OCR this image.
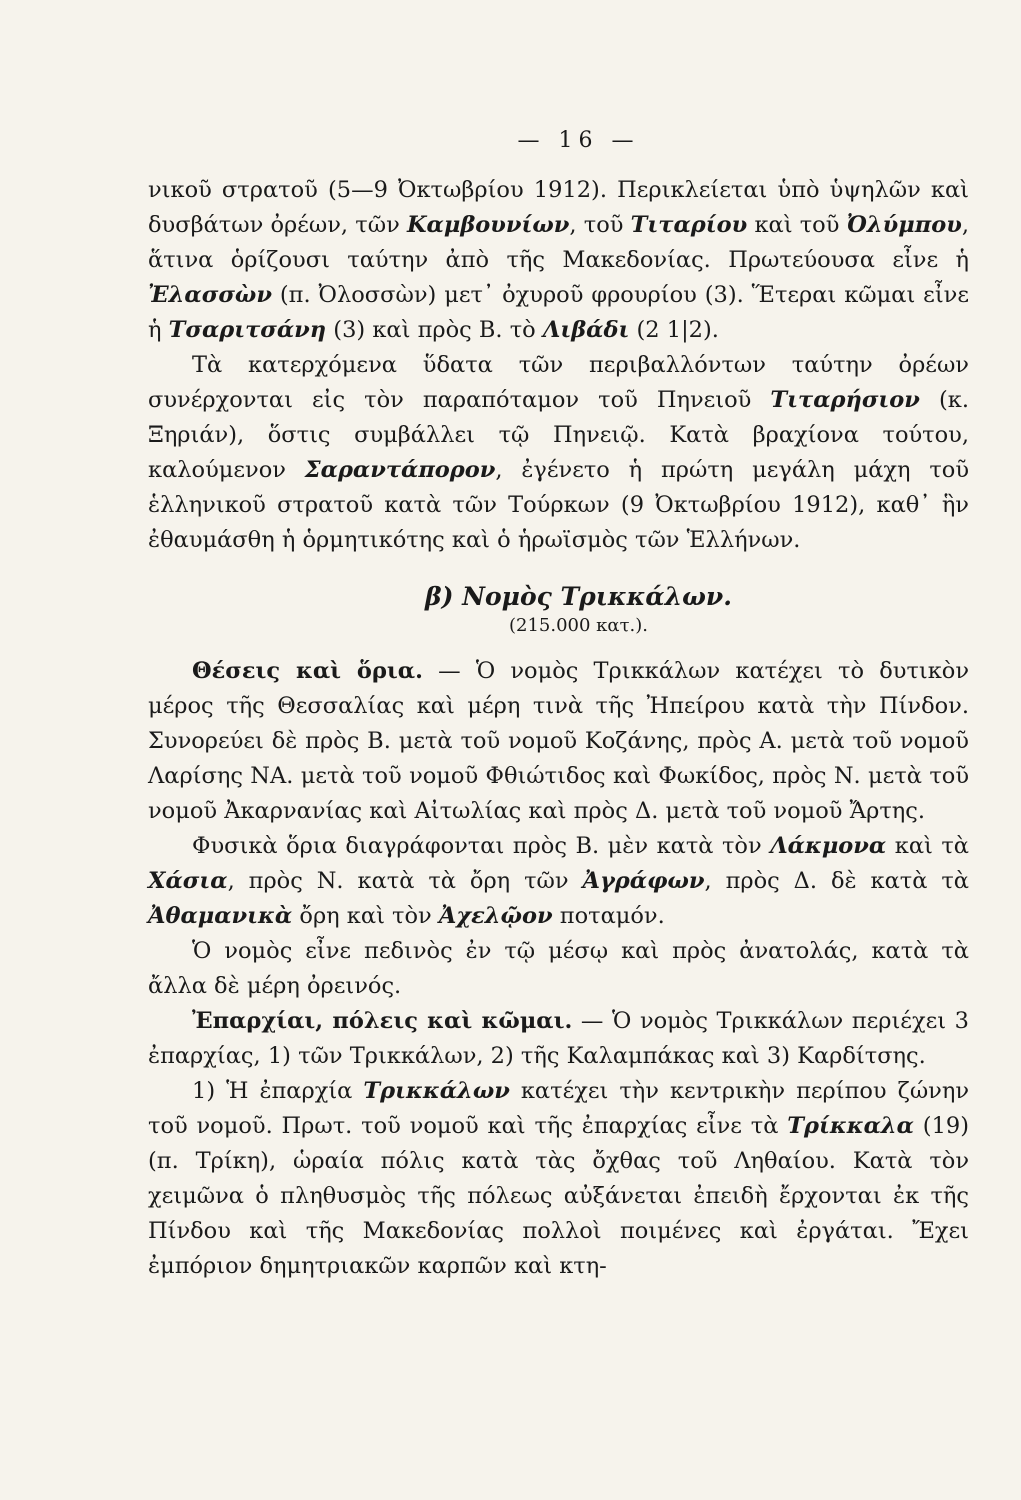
— 16 —

νικοῦ στρατοῦ (5—9 Ὀκτωβρίου 1912). Περικλείεται ὑπὸ ὑψηλῶν καὶ δυσβάτων ὀρέων, τῶν Καμβουνίων, τοῦ Τιταρίου καὶ τοῦ Ὀλύμπου, ἅτινα ὁρίζουσι ταύτην ἀπὸ τῆς Μακεδονίας. Πρωτεύουσα εἶνε ἡ Ἐλασσὼν (π. Ὀλοσσὼν) μετ᾽ ὀχυροῦ φρουρίου (3). Ἕτεραι κῶμαι εἶνε ἡ Τσαριτσάνη (3) καὶ πρὸς Β. τὸ Λιβάδι (2 1|2).

Τὰ κατερχόμενα ὕδατα τῶν περιβαλλόντων ταύτην ὀρέων συνέρχονται εἰς τὸν παραπόταμον τοῦ Πηνειοῦ Τιταρήσιον (κ. Ξηριάν), ὅστις συμβάλλει τῷ Πηνειῷ. Κατὰ βραχίονα τούτου, καλούμενον Σαραντάπορον, ἐγένετο ἡ πρώτη μεγάλη μάχη τοῦ ἑλληνικοῦ στρατοῦ κατὰ τῶν Τούρκων (9 Ὀκτωβρίου 1912), καθ᾽ ἣν ἐθαυμάσθη ἡ ὁρμητικότης καὶ ὁ ἡρωϊσμὸς τῶν Ἑλλήνων.

β) Νομὸς Τρικκάλων.
(215.000 κατ.).

Θέσεις καὶ ὅρια. — Ὁ νομὸς Τρικκάλων κατέχει τὸ δυτικὸν μέρος τῆς Θεσσαλίας καὶ μέρη τινὰ τῆς Ἠπείρου κατὰ τὴν Πίνδον. Συνορεύει δὲ πρὸς Β. μετὰ τοῦ νομοῦ Κοζάνης, πρὸς Α. μετὰ τοῦ νομοῦ Λαρίσης ΝΑ. μετὰ τοῦ νομοῦ Φθιώτιδος καὶ Φωκίδος, πρὸς Ν. μετὰ τοῦ νομοῦ Ἀκαρνανίας καὶ Αἰτωλίας καὶ πρὸς Δ. μετὰ τοῦ νομοῦ Ἄρτης.

Φυσικὰ ὅρια διαγράφονται πρὸς Β. μὲν κατὰ τὸν Λάκμονα καὶ τὰ Χάσια, πρὸς Ν. κατὰ τὰ ὄρη τῶν Ἀγράφων, πρὸς Δ. δὲ κατὰ τὰ Ἀθαμανικὰ ὄρη καὶ τὸν Ἀχελῷον ποταμόν.

Ὁ νομὸς εἶνε πεδινὸς ἐν τῷ μέσῳ καὶ πρὸς ἀνατολάς, κατὰ τὰ ἄλλα δὲ μέρη ὀρεινός.

Ἐπαρχίαι, πόλεις καὶ κῶμαι. — Ὁ νομὸς Τρικκάλων περιέχει 3 ἐπαρχίας, 1) τῶν Τρικκάλων, 2) τῆς Καλαμπάκας καὶ 3) Καρδίτσης.

1) Ἡ ἐπαρχία Τρικκάλων κατέχει τὴν κεντρικὴν περίπου ζώνην τοῦ νομοῦ. Πρωτ. τοῦ νομοῦ καὶ τῆς ἐπαρχίας εἶνε τὰ Τρίκκαλα (19) (π. Τρίκη), ὡραία πόλις κατὰ τὰς ὄχθας τοῦ Ληθαίου. Κατὰ τὸν χειμῶνα ὁ πληθυσμὸς τῆς πόλεως αὐξάνεται ἐπειδὴ ἔρχονται ἐκ τῆς Πίνδου καὶ τῆς Μακεδονίας πολλοὶ ποιμένες καὶ ἐργάται. Ἔχει ἐμπόριον δημητριακῶν καρπῶν καὶ κτη-
